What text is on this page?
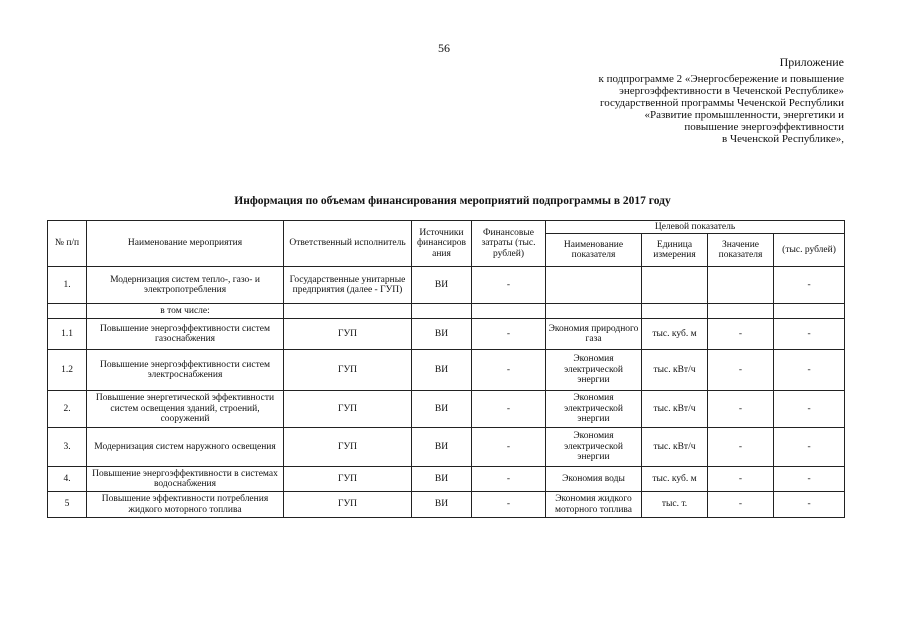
56
Приложение
к подпрограмме 2 «Энергосбережение и повышение
энергоэффективности в Чеченской Республике»
государственной программы Чеченской Республики
«Развитие промышленности, энергетики и
повышение энергоэффективности
в Чеченской Республике»,
Информация по объемам финансирования мероприятий подпрограммы в 2017 году
№ п/п	Наименование мероприятия	Ответственный исполнитель	Источники финансиров ания	Финансовые затраты (тыс. рублей)	Целевой показатель			
					Наименование показателя	Единица измерения	Значение показателя	(тыс. рублей)
1.	Модернизация систем тепло-, газо- и электропотребления	Государственные унитарные предприятия (далее - ГУП)	ВИ	-				-
	в том числе:							
1.1	Повышение энергоэффективности систем газоснабжения	ГУП	ВИ	-	Экономия природного газа	тыс. куб. м	-	-
1.2	Повышение энергоэффективности систем электроснабжения	ГУП	ВИ	-	Экономия электрической энергии	тыс. кВт/ч	-	-
2.	Повышение энергетической эффективности систем освещения зданий, строений, сооружений	ГУП	ВИ	-	Экономия электрической энергии	тыс. кВт/ч	-	-
3.	Модернизация систем наружного освещения	ГУП	ВИ	-	Экономия электрической энергии	тыс. кВт/ч	-	-
4.	Повышение энергоэффективности в системах водоснабжения	ГУП	ВИ	-	Экономия воды	тыс. куб. м	-	-
5	Повышение эффективности потребления жидкого моторного топлива	ГУП	ВИ	-	Экономия жидкого моторного топлива	тыс. т.	-	-
